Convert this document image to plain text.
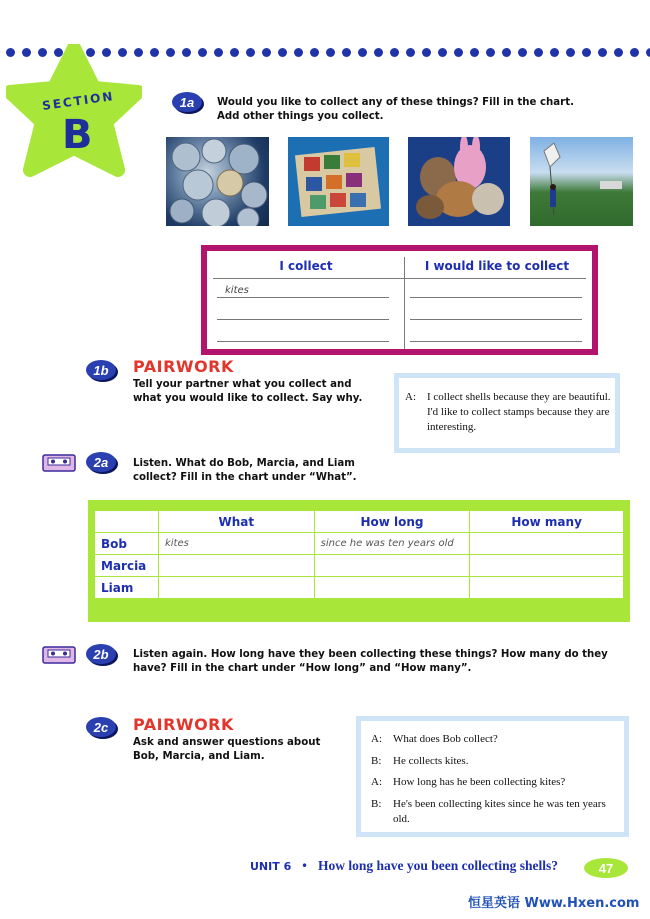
SECTION
B
1a	Would you like to collect any of these things? Fill in the chart. Add other things you collect.
I collect	I would like to collect
kites
1b	PAIRWORK
Tell your partner what you collect and what you would like to collect. Say why.	A:	I collect shells because they are beautiful. I'd like to collect stamps because they are interesting.
2a	Listen. What do Bob, Marcia, and Liam collect? Fill in the chart under “What”.
	What	How long	How many
Bob	kites	since he was ten years old	
Marcia			
Liam			
2b	Listen again. How long have they been collecting these things? How many do they have? Fill in the chart under “How long” and “How many”.
2c	PAIRWORK
Ask and answer questions about Bob, Marcia, and Liam.
A:	What does Bob collect?
B:	He collects kites.
A:	How long has he been collecting kites?
B:	He's been collecting kites since he was ten years old.
UNIT 6 • How long have you been collecting shells?	47
恒星英语 Www.Hxen.com
